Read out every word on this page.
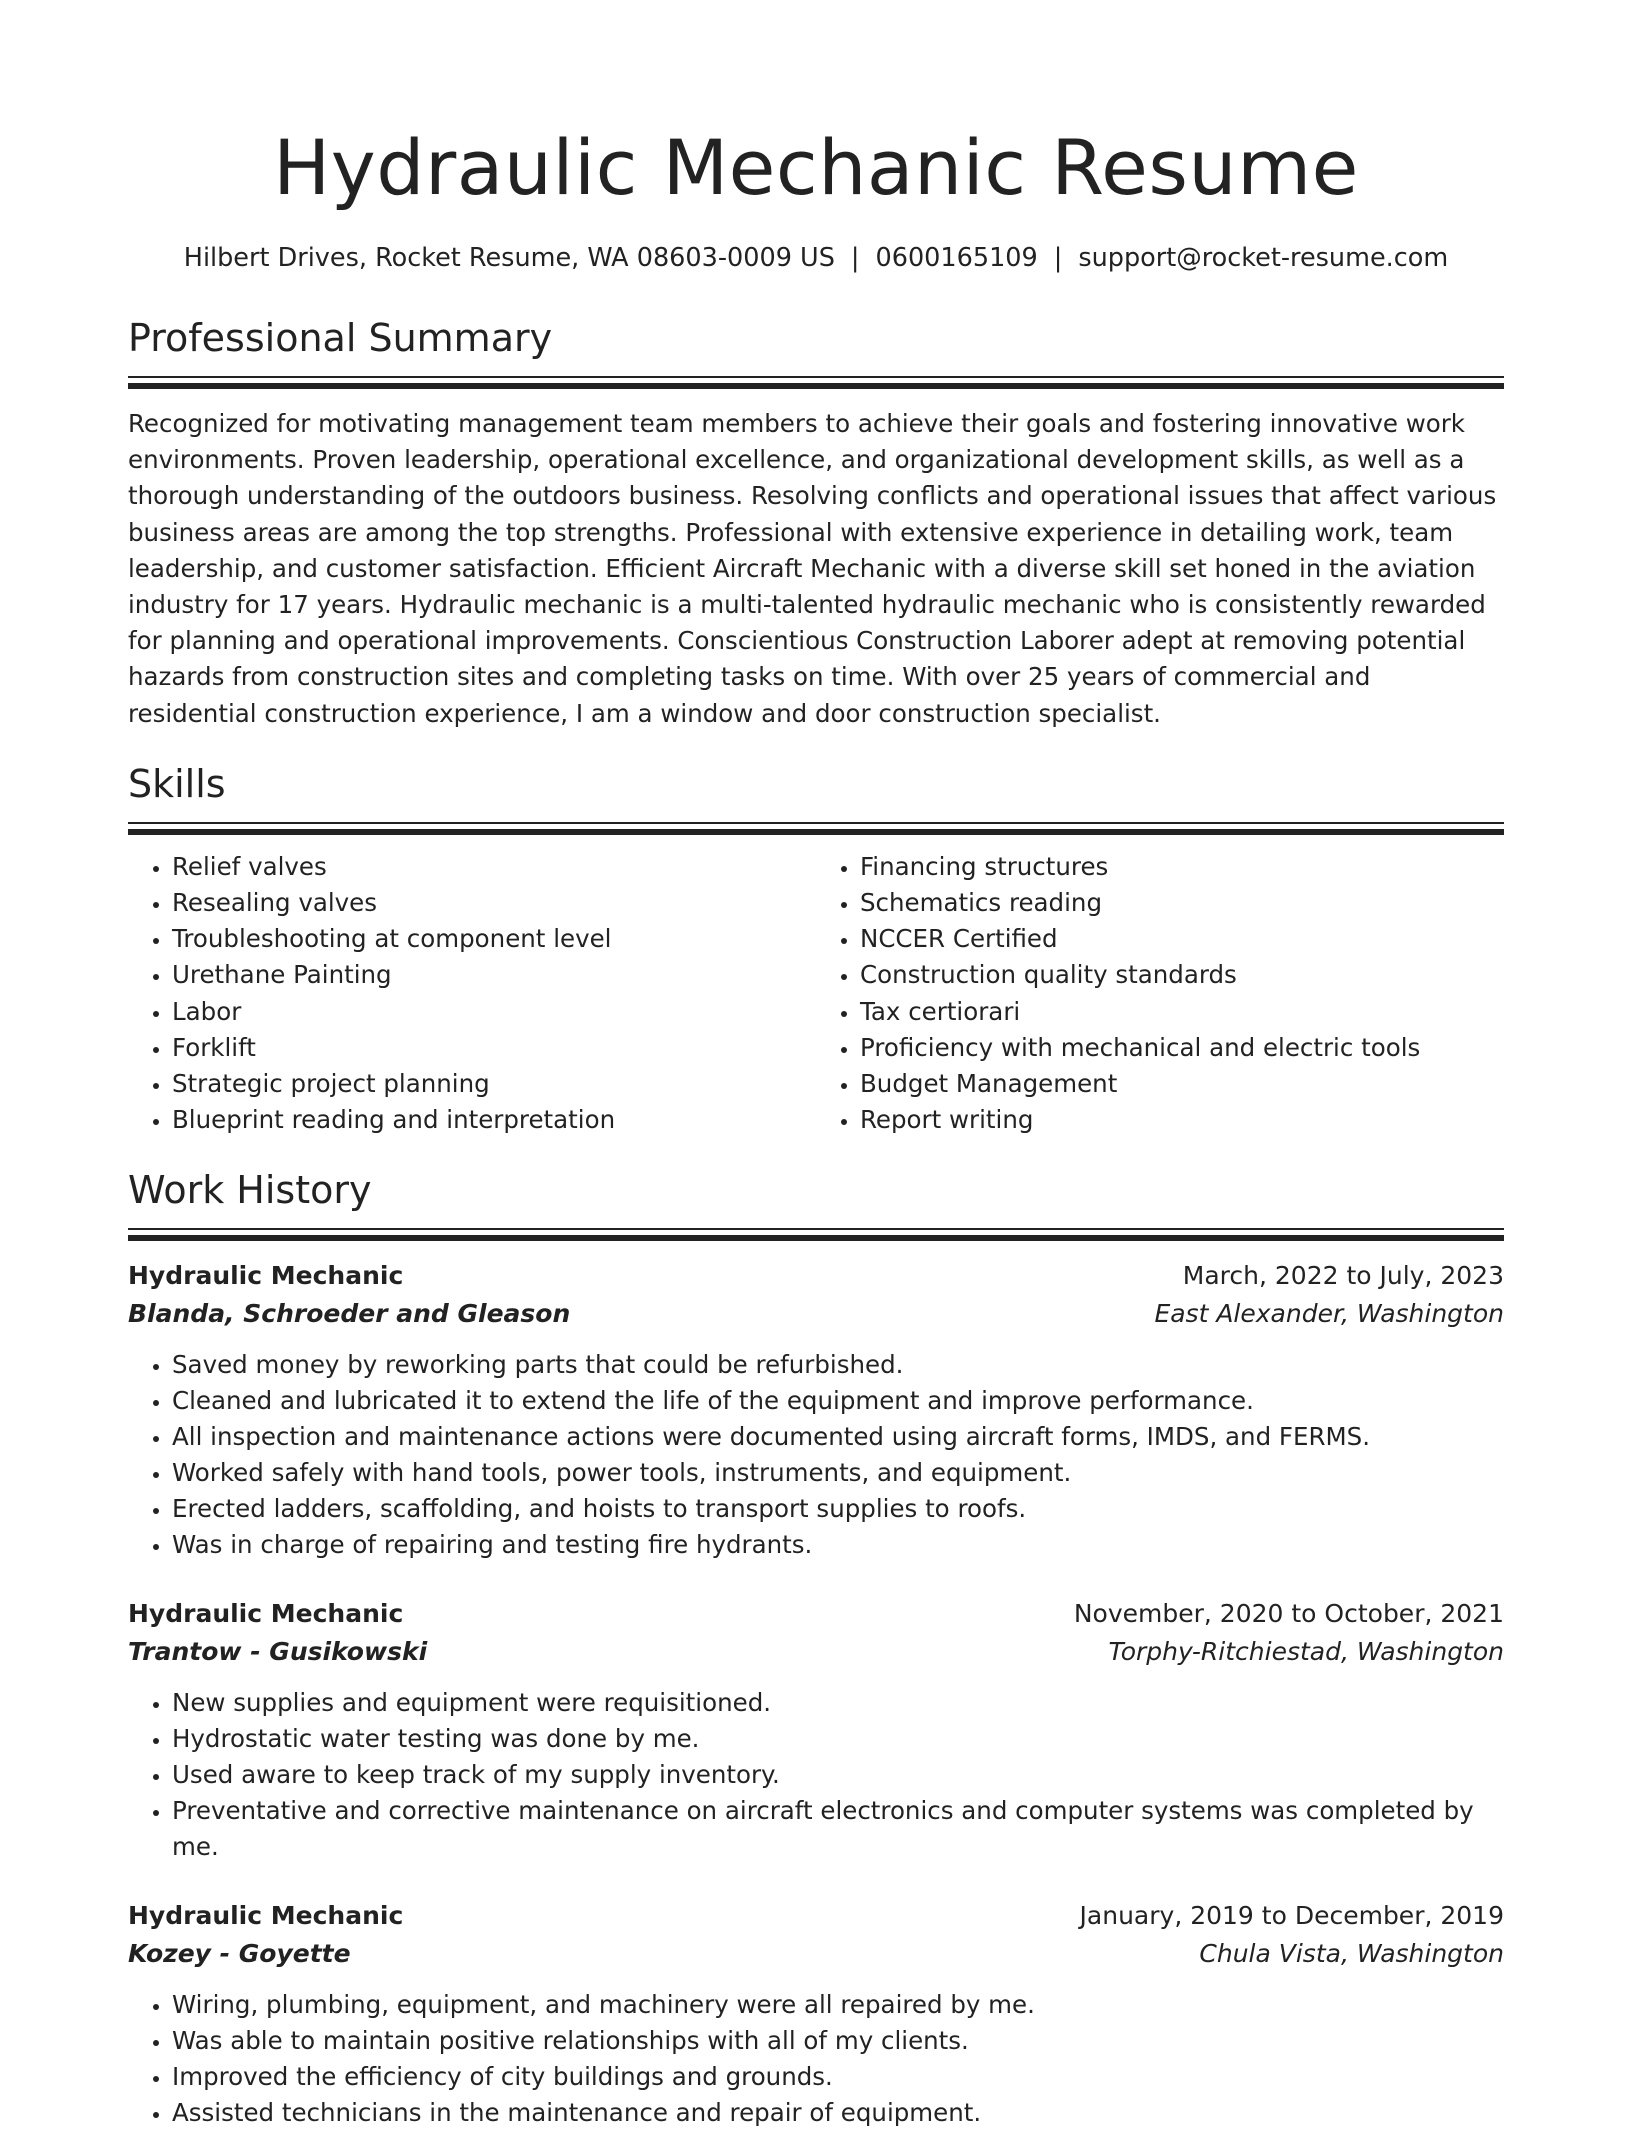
Hydraulic Mechanic Resume
Hilbert Drives, Rocket Resume, WA 08603-0009 US | 0600165109 | support@rocket-resume.com
Professional Summary
Recognized for motivating management team members to achieve their goals and fostering innovative work environments. Proven leadership, operational excellence, and organizational development skills, as well as a thorough understanding of the outdoors business. Resolving conflicts and operational issues that affect various business areas are among the top strengths. Professional with extensive experience in detailing work, team leadership, and customer satisfaction. Efficient Aircraft Mechanic with a diverse skill set honed in the aviation industry for 17 years. Hydraulic mechanic is a multi-talented hydraulic mechanic who is consistently rewarded for planning and operational improvements. Conscientious Construction Laborer adept at removing potential hazards from construction sites and completing tasks on time. With over 25 years of commercial and residential construction experience, I am a window and door construction specialist.
Skills
• Relief valves
• Resealing valves
• Troubleshooting at component level
• Urethane Painting
• Labor
• Forklift
• Strategic project planning
• Blueprint reading and interpretation
• Financing structures
• Schematics reading
• NCCER Certified
• Construction quality standards
• Tax certiorari
• Proficiency with mechanical and electric tools
• Budget Management
• Report writing
Work History
Hydraulic Mechanic	March, 2022 to July, 2023
Blanda, Schroeder and Gleason	East Alexander, Washington
• Saved money by reworking parts that could be refurbished.
• Cleaned and lubricated it to extend the life of the equipment and improve performance.
• All inspection and maintenance actions were documented using aircraft forms, IMDS, and FERMS.
• Worked safely with hand tools, power tools, instruments, and equipment.
• Erected ladders, scaffolding, and hoists to transport supplies to roofs.
• Was in charge of repairing and testing fire hydrants.
Hydraulic Mechanic	November, 2020 to October, 2021
Trantow - Gusikowski	Torphy-Ritchiestad, Washington
• New supplies and equipment were requisitioned.
• Hydrostatic water testing was done by me.
• Used aware to keep track of my supply inventory.
• Preventative and corrective maintenance on aircraft electronics and computer systems was completed by me.
Hydraulic Mechanic	January, 2019 to December, 2019
Kozey - Goyette	Chula Vista, Washington
• Wiring, plumbing, equipment, and machinery were all repaired by me.
• Was able to maintain positive relationships with all of my clients.
• Improved the efficiency of city buildings and grounds.
• Assisted technicians in the maintenance and repair of equipment.
